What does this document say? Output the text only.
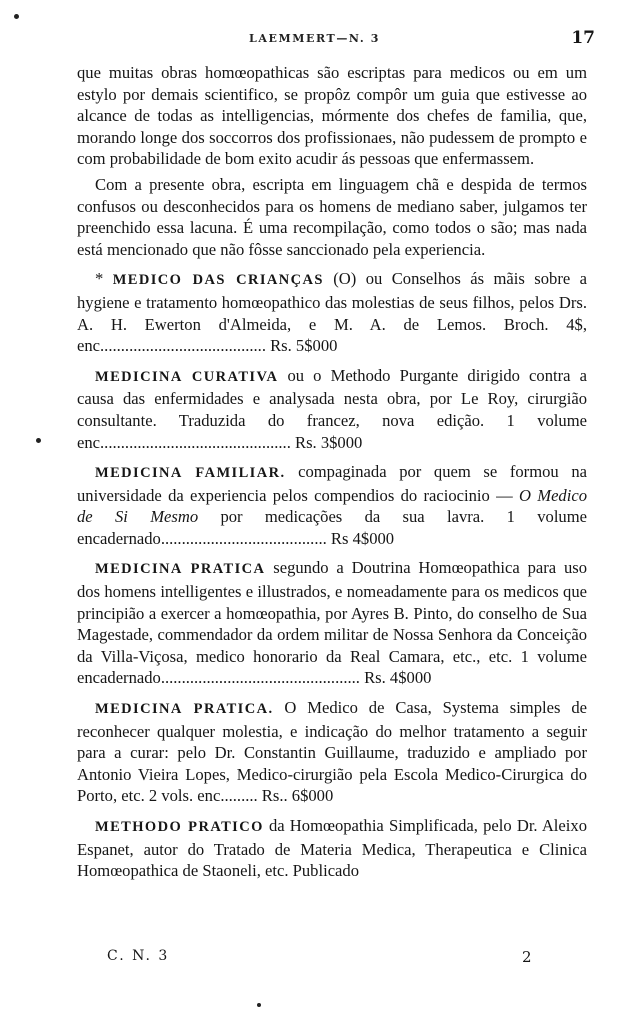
LAEMMERT—N. 3	17

que muitas obras homœopathicas são escriptas para medicos ou em um estylo por demais scientifico, se propôz compôr um guia que estivesse ao alcance de todas as intelligencias, mórmente dos chefes de familia, que, morando longe dos soccorros dos profissionaes, não pudessem de prompto e com probabilidade de bom exito acudir ás pessoas que enfermassem.

Com a presente obra, escripta em linguagem chã e despida de termos confusos ou desconhecidos para os homens de mediano saber, julgamos ter preenchido essa lacuna. É uma recompilação, como todos o são; mas nada está mencionado que não fôsse sanccionado pela experiencia.

* MEDICO DAS CRIANÇAS (O) ou Conselhos ás mãis sobre a hygiene e tratamento homœopathico das molestias de seus filhos, pelos Drs. A. H. Ewerton d'Almeida, e M. A. de Lemos. Broch. 4$, enc........................................ Rs. 5$000

MEDICINA CURATIVA ou o Methodo Purgante dirigido contra a causa das enfermidades e analysada nesta obra, por Le Roy, cirurgião consultante. Traduzida do francez, nova edição. 1 volume enc.............................................. Rs. 3$000

MEDICINA FAMILIAR. compaginada por quem se formou na universidade da experiencia pelos compendios do raciocinio — O Medico de Si Mesmo por medicações da sua lavra. 1 volume encadernado........................................ Rs 4$000

MEDICINA PRATICA segundo a Doutrina Homœopathica para uso dos homens intelligentes e illustrados, e nomeadamente para os medicos que principião a exercer a homœopathia, por Ayres B. Pinto, do conselho de Sua Magestade, commendador da ordem militar de Nossa Senhora da Conceição da Villa-Viçosa, medico honorario da Real Camara, etc., etc. 1 volume encadernado................................................ Rs. 4$000

MEDICINA PRATICA. O Medico de Casa, Systema simples de reconhecer qualquer molestia, e indicação do melhor tratamento a seguir para a curar: pelo Dr. Constantin Guillaume, traduzido e ampliado por Antonio Vieira Lopes, Medico-cirurgião pela Escola Medico-Cirurgica do Porto, etc. 2 vols. enc......... Rs.. 6$000

METHODO PRATICO da Homœopathia Simplificada, pelo Dr. Aleixo Espanet, autor do Tratado de Materia Medica, Therapeutica e Clinica Homœopathica de Staoneli, etc. Publicado

C. N. 3	2
